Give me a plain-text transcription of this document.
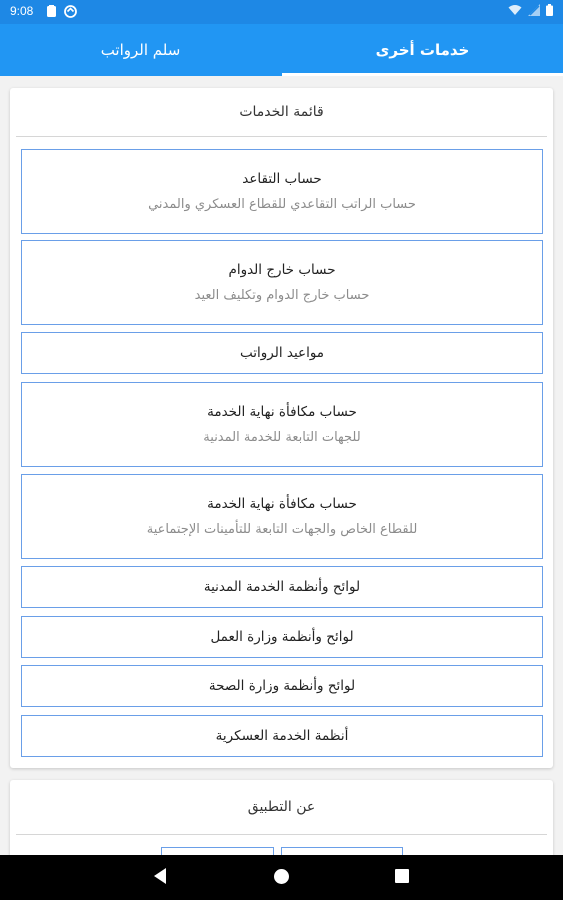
9:08
سلم الرواتب	خدمات أخرى
قائمة الخدمات
حساب التقاعد
حساب الراتب التقاعدي للقطاع العسكري والمدني
حساب خارج الدوام
حساب خارج الدوام وتكليف العيد
مواعيد الرواتب
حساب مكافأة نهاية الخدمة
للجهات التابعة للخدمة المدنية
حساب مكافأة نهاية الخدمة
للقطاع الخاص والجهات التابعة للتأمينات الإجتماعية
لوائح وأنظمة الخدمة المدنية
لوائح وأنظمة وزارة العمل
لوائح وأنظمة وزارة الصحة
أنظمة الخدمة العسكرية
عن التطبيق
